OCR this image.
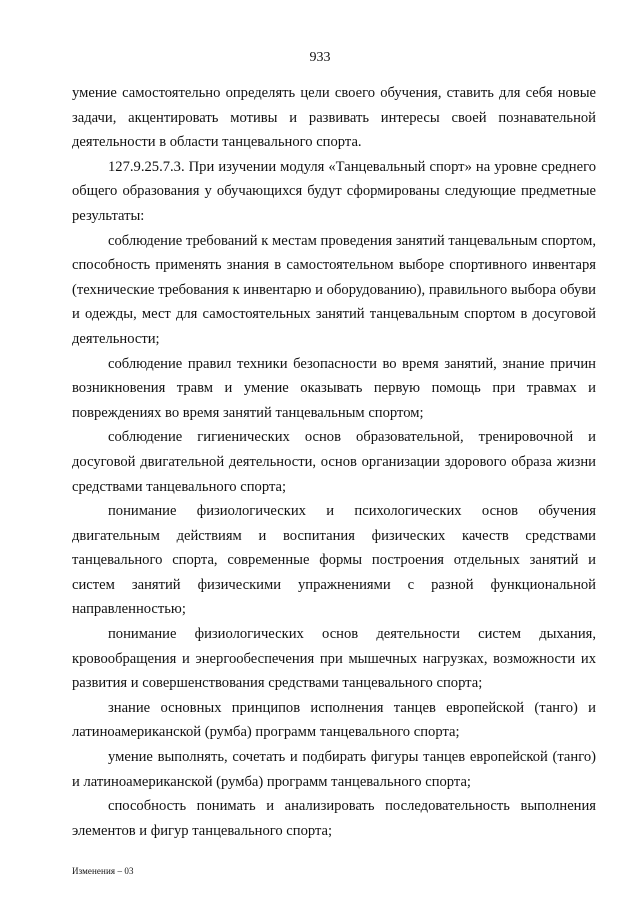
933

умение самостоятельно определять цели своего обучения, ставить для себя новые задачи, акцентировать мотивы и развивать интересы своей познавательной деятельности в области танцевального спорта.

127.9.25.7.3. При изучении модуля «Танцевальный спорт» на уровне среднего общего образования у обучающихся будут сформированы следующие предметные результаты:

соблюдение требований к местам проведения занятий танцевальным спортом, способность применять знания в самостоятельном выборе спортивного инвентаря (технические требования к инвентарю и оборудованию), правильного выбора обуви и одежды, мест для самостоятельных занятий танцевальным спортом в досуговой деятельности;

соблюдение правил техники безопасности во время занятий, знание причин возникновения травм и умение оказывать первую помощь при травмах и повреждениях во время занятий танцевальным спортом;

соблюдение гигиенических основ образовательной, тренировочной и досуговой двигательной деятельности, основ организации здорового образа жизни средствами танцевального спорта;

понимание физиологических и психологических основ обучения двигательным действиям и воспитания физических качеств средствами танцевального спорта, современные формы построения отдельных занятий и систем занятий физическими упражнениями с разной функциональной направленностью;

понимание физиологических основ деятельности систем дыхания, кровообращения и энергообеспечения при мышечных нагрузках, возможности их развития и совершенствования средствами танцевального спорта;

знание основных принципов исполнения танцев европейской (танго) и латиноамериканской (румба) программ танцевального спорта;

умение выполнять, сочетать и подбирать фигуры танцев европейской (танго) и латиноамериканской (румба) программ танцевального спорта;

способность понимать и анализировать последовательность выполнения элементов и фигур танцевального спорта;

Изменения – 03
